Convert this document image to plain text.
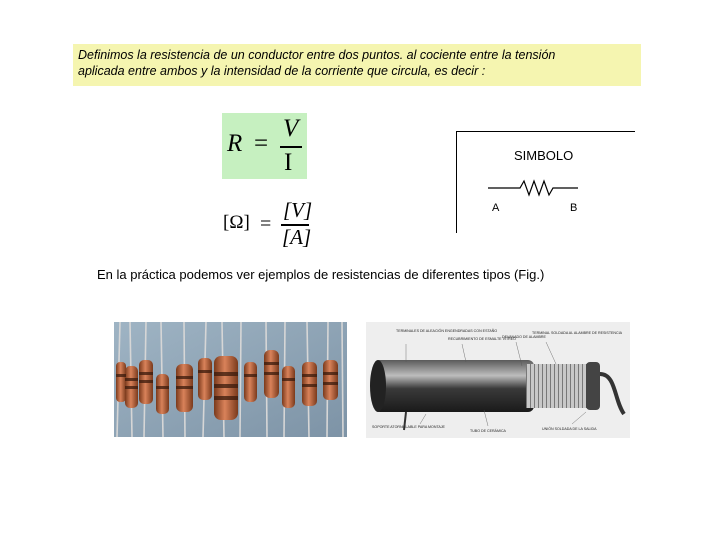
Definimos la resistencia de un conductor entre dos puntos. al cociente entre la tensión
aplicada entre ambos y la intensidad de la corriente que circula, es decir :
R =
V
I
[Ω] =
[V]
[A]
SIMBOLO
A	B
En la práctica podemos ver ejemplos de resistencias de diferentes tipos (Fig.)
TERMINALES DE ALEACIÓN ENGENDRADAS CON ESTAÑO
RECUBRIMIENTO DE ESMALTE VÍTREO
DEVANADO DE ALAMBRE
TERMINAL SOLDADA AL ALAMBRE DE RESISTENCIA
SOPORTE ATORNILLABLE PARA MONTAJE
TUBO DE CERÁMICA	UNIÓN SOLDADA DE LA SALIDA
